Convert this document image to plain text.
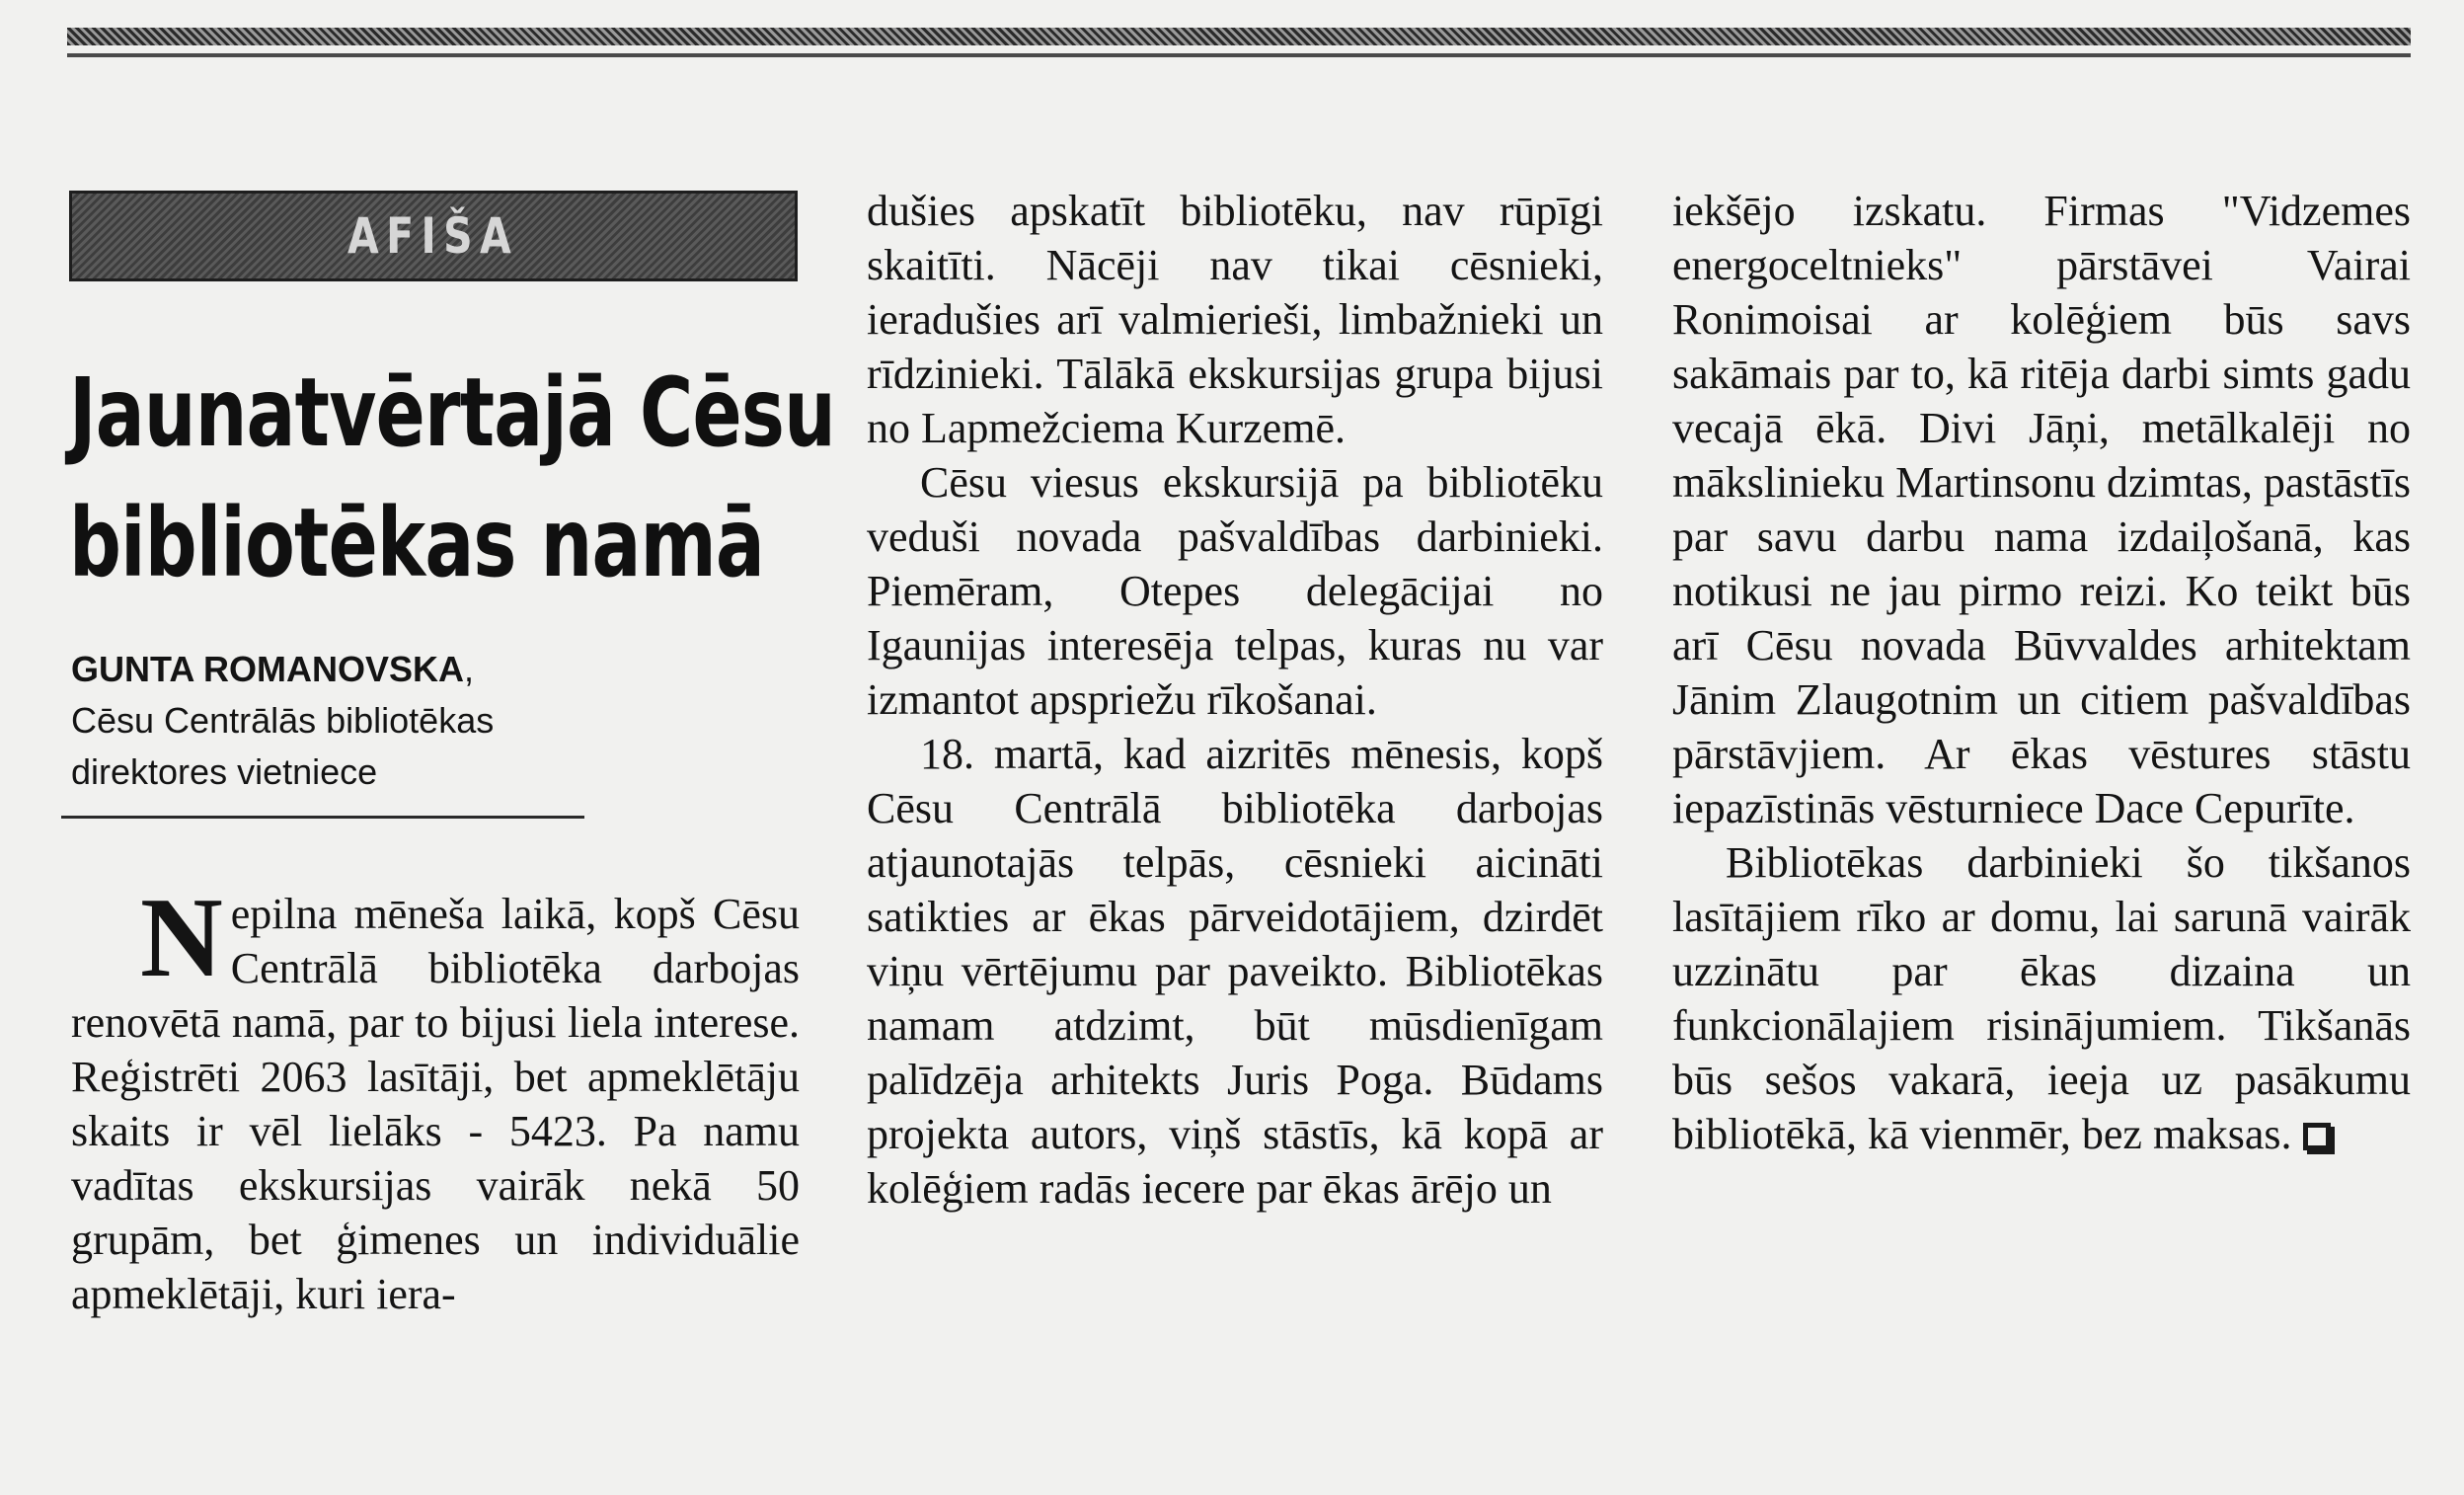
AFIŠA
Jaunatvērtajā Cēsu
bibliotēkas namā
GUNTA ROMANOVSKA,
Cēsu Centrālās bibliotēkas
direktores vietniece

Nepilna mēneša laikā, kopš Cēsu Centrālā bibliotēka darbojas renovētā namā, par to bijusi liela interese. Reģistrēti 2063 lasītāji, bet apmeklētāju skaits ir vēl lielāks - 5423. Pa namu vadītas ekskursijas vairāk nekā 50 grupām, bet ģimenes un individuālie apmeklētāji, kuri iera-

dušies apskatīt bibliotēku, nav rūpīgi skaitīti. Nācēji nav tikai cēsnieki, ieradušies arī valmierieši, limbažnieki un rīdzinieki. Tālākā ekskursijas grupa bijusi no Lapmežciema Kurzemē.

Cēsu viesus ekskursijā pa bibliotēku veduši novada pašvaldības darbinieki. Piemēram, Otepes delegācijai no Igaunijas interesēja telpas, kuras nu var izmantot apspriežu rīkošanai.

18. martā, kad aizritēs mēnesis, kopš Cēsu Centrālā bibliotēka darbojas atjaunotajās telpās, cēsnieki aicināti satikties ar ēkas pārveidotājiem, dzirdēt viņu vērtējumu par paveikto. Bibliotēkas namam atdzimt, būt mūsdienīgam palīdzēja arhitekts Juris Poga. Būdams projekta autors, viņš stāstīs, kā kopā ar kolēģiem radās iecere par ēkas ārējo un

iekšējo izskatu. Firmas "Vidzemes energoceltnieks" pārstāvei Vairai Ronimoisai ar kolēģiem būs savs sakāmais par to, kā ritēja darbi simts gadu vecajā ēkā. Divi Jāņi, metālkalēji no mākslinieku Martinsonu dzimtas, pastāstīs par savu darbu nama izdaiļošanā, kas notikusi ne jau pirmo reizi. Ko teikt būs arī Cēsu novada Būvvaldes arhitektam Jānim Zlaugotnim un citiem pašvaldības pārstāvjiem. Ar ēkas vēstures stāstu iepazīstinās vēsturniece Dace Cepurīte.

Bibliotēkas darbinieki šo tikšanos lasītājiem rīko ar domu, lai sarunā vairāk uzzinātu par ēkas dizaina un funkcionālajiem risinājumiem. Tikšanās būs sešos vakarā, ieeja uz pasākumu bibliotēkā, kā vienmēr, bez maksas.
